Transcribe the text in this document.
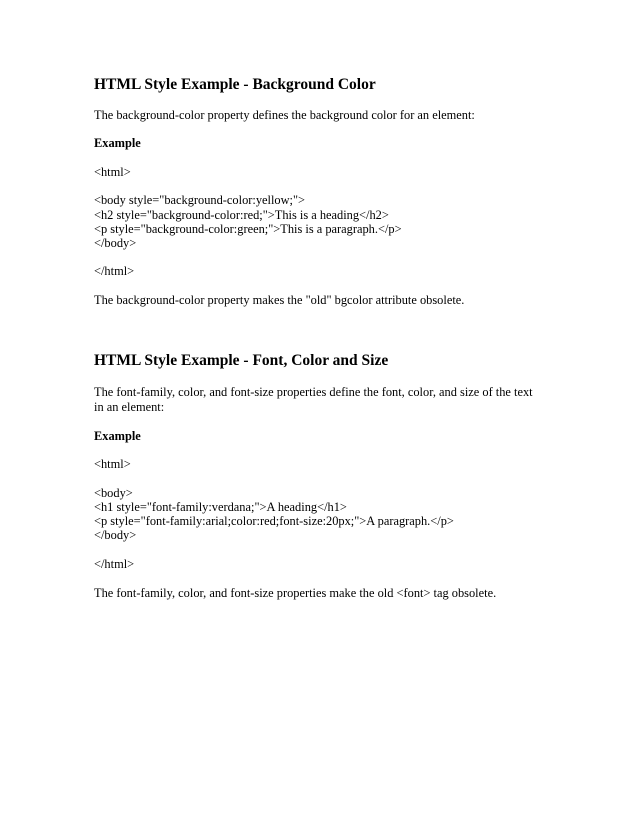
HTML Style Example - Background Color
The background-color property defines the background color for an element:
Example
<html>
<body style="background-color:yellow;">
<h2 style="background-color:red;">This is a heading</h2>
<p style="background-color:green;">This is a paragraph.</p>
</body>
</html>
The background-color property makes the "old" bgcolor attribute obsolete.
HTML Style Example - Font, Color and Size
The font-family, color, and font-size properties define the font, color, and size of the text
in an element:
Example
<html>
<body>
<h1 style="font-family:verdana;">A heading</h1>
<p style="font-family:arial;color:red;font-size:20px;">A paragraph.</p>
</body>
</html>
The font-family, color, and font-size properties make the old <font> tag obsolete.
